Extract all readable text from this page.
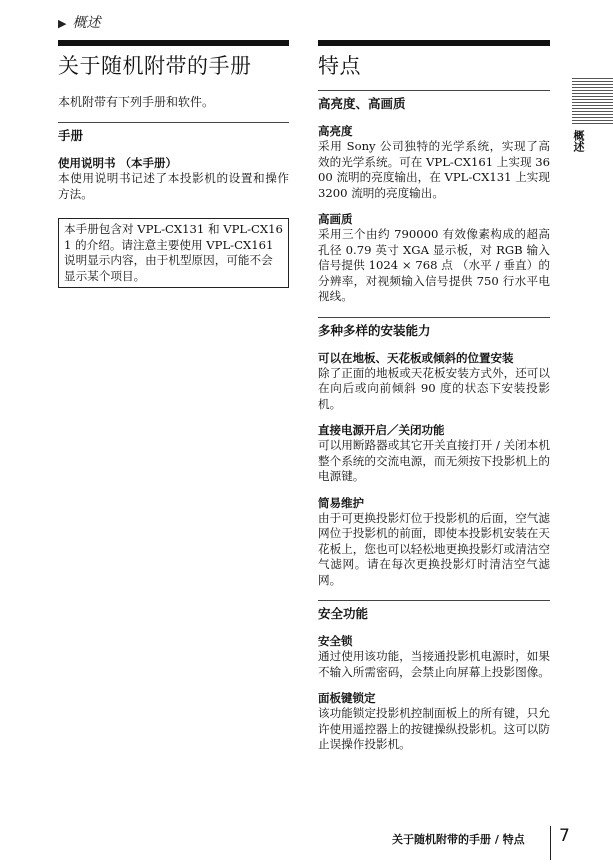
▶ 概述
概述
关于随机附带的手册
本机附带有下列手册和软件。
手册
使用说明书 （本手册）
本使用说明书记述了本投影机的设置和操作方法。
本手册包含对 VPL-CX131 和 VPL-CX161 的介绍。请注意主要使用 VPL-CX161 说明显示内容，由于机型原因，可能不会显示某个项目。
特点
高亮度、高画质
高亮度
采用 Sony 公司独特的光学系统，实现了高效的光学系统。可在 VPL-CX161 上实现 3600 流明的亮度输出，在 VPL-CX131 上实现 3200 流明的亮度输出。
高画质
采用三个由约 790000 有效像素构成的超高孔径 0.79 英寸 XGA 显示板，对 RGB 输入信号提供 1024 × 768 点 （水平 / 垂直）的分辨率，对视频输入信号提供 750 行水平电视线。
多种多样的安装能力
可以在地板、天花板或倾斜的位置安装
除了正面的地板或天花板安装方式外，还可以在向后或向前倾斜 90 度的状态下安装投影机。
直接电源开启／关闭功能
可以用断路器或其它开关直接打开 / 关闭本机整个系统的交流电源，而无须按下投影机上的电源键。
简易维护
由于可更换投影灯位于投影机的后面，空气滤网位于投影机的前面，即使本投影机安装在天花板上，您也可以轻松地更换投影灯或清洁空气滤网。请在每次更换投影灯时清洁空气滤网。
安全功能
安全锁
通过使用该功能，当接通投影机电源时，如果不输入所需密码，会禁止向屏幕上投影图像。
面板键锁定
该功能锁定投影机控制面板上的所有键，只允许使用遥控器上的按键操纵投影机。这可以防止误操作投影机。
关于随机附带的手册 / 特点 7
